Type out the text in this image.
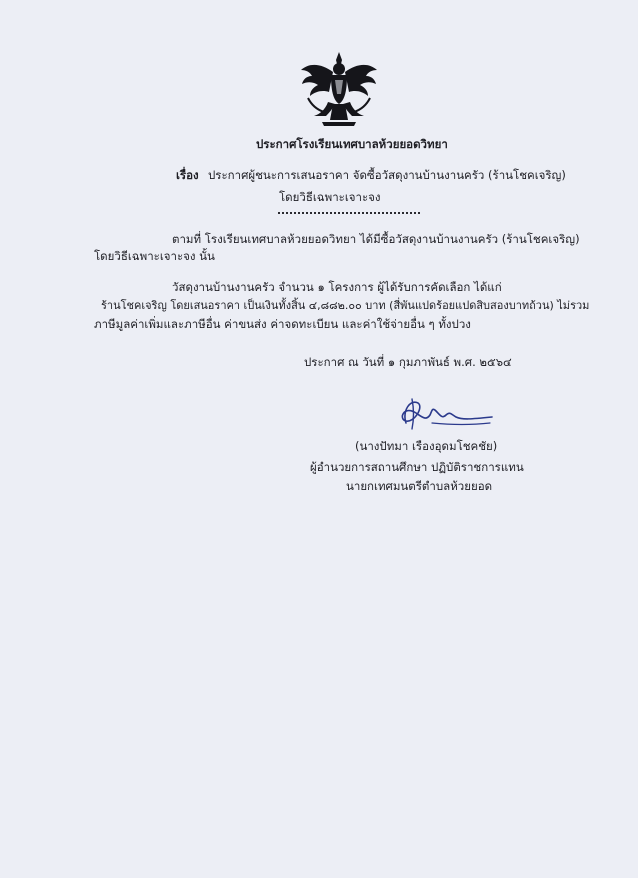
ประกาศโรงเรียนเทศบาลห้วยยอดวิทยา
เรื่อง ประกาศผู้ชนะการเสนอราคา จัดซื้อวัสดุงานบ้านงานครัว (ร้านโชคเจริญ)
โดยวิธีเฉพาะเจาะจง
ตามที่ โรงเรียนเทศบาลห้วยยอดวิทยา ได้มีซื้อวัสดุงานบ้านงานครัว (ร้านโชคเจริญ)
โดยวิธีเฉพาะเจาะจง นั้น
วัสดุงานบ้านงานครัว จำนวน ๑ โครงการ ผู้ได้รับการคัดเลือก ได้แก่
ร้านโชคเจริญ โดยเสนอราคา เป็นเงินทั้งสิ้น ๔,๘๘๒.๐๐ บาท (สี่พันแปดร้อยแปดสิบสองบาทถ้วน) ไม่รวม
ภาษีมูลค่าเพิ่มและภาษีอื่น ค่าขนส่ง ค่าจดทะเบียน และค่าใช้จ่ายอื่น ๆ ทั้งปวง
ประกาศ ณ วันที่ ๑ กุมภาพันธ์ พ.ศ. ๒๕๖๔
(นางปัทมา เรืองอุดมโชคชัย)
ผู้อำนวยการสถานศึกษา ปฏิบัติราชการแทน
นายกเทศมนตรีตำบลห้วยยอด
